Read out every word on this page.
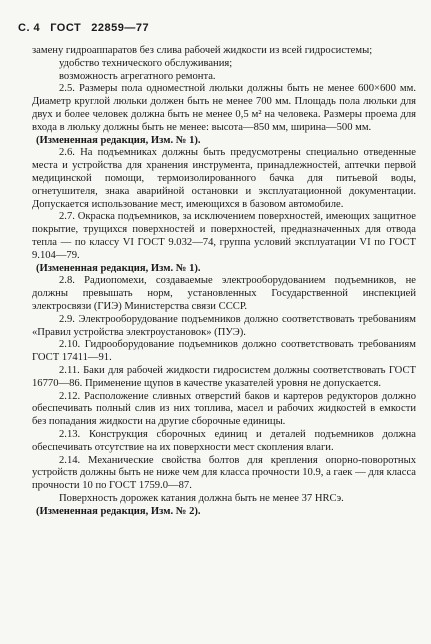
С. 4 ГОСТ 22859—77
замену гидроаппаратов без слива рабочей жидкости из всей гидросистемы;
удобство технического обслуживания;
возможность агрегатного ремонта.
2.5. Размеры пола одноместной люльки должны быть не менее 600×600 мм. Диаметр круглой люльки должен быть не менее 700 мм. Площадь пола люльки для двух и более человек должна быть не менее 0,5 м² на человека. Размеры проема для входа в люльку должны быть не менее: высота—850 мм, ширина—500 мм.
(Измененная редакция, Изм. № 1).
2.6. На подъемниках должны быть предусмотрены специально отведенные места и устройства для хранения инструмента, принадлежностей, аптечки первой медицинской помощи, термоизолированного бачка для питьевой воды, огнетушителя, знака аварийной остановки и эксплуатационной документации. Допускается использование мест, имеющихся в базовом автомобиле.
2.7. Окраска подъемников, за исключением поверхностей, имеющих защитное покрытие, трущихся поверхностей и поверхностей, предназначенных для отвода тепла — по классу VI ГОСТ 9.032—74, группа условий эксплуатации VI по ГОСТ 9.104—79.
(Измененная редакция, Изм. № 1).
2.8. Радиопомехи, создаваемые электрооборудованием подъемников, не должны превышать норм, установленных Государственной инспекцией электросвязи (ГИЭ) Министерства связи СССР.
2.9. Электрооборудование подъемников должно соответствовать требованиям «Правил устройства электроустановок» (ПУЭ).
2.10. Гидрооборудование подъемников должно соответствовать требованиям ГОСТ 17411—91.
2.11. Баки для рабочей жидкости гидросистем должны соответствовать ГОСТ 16770—86. Применение щупов в качестве указателей уровня не допускается.
2.12. Расположение сливных отверстий баков и картеров редукторов должно обеспечивать полный слив из них топлива, масел и рабочих жидкостей в емкости без попадания жидкости на другие сборочные единицы.
2.13. Конструкция сборочных единиц и деталей подъемников должна обеспечивать отсутствие на их поверхности мест скопления влаги.
2.14. Механические свойства болтов для крепления опорно-поворотных устройств должны быть не ниже чем для класса прочности 10.9, а гаек — для класса прочности 10 по ГОСТ 1759.0—87.
Поверхность дорожек катания должна быть не менее 37 HRCэ.
(Измененная редакция, Изм. № 2).
